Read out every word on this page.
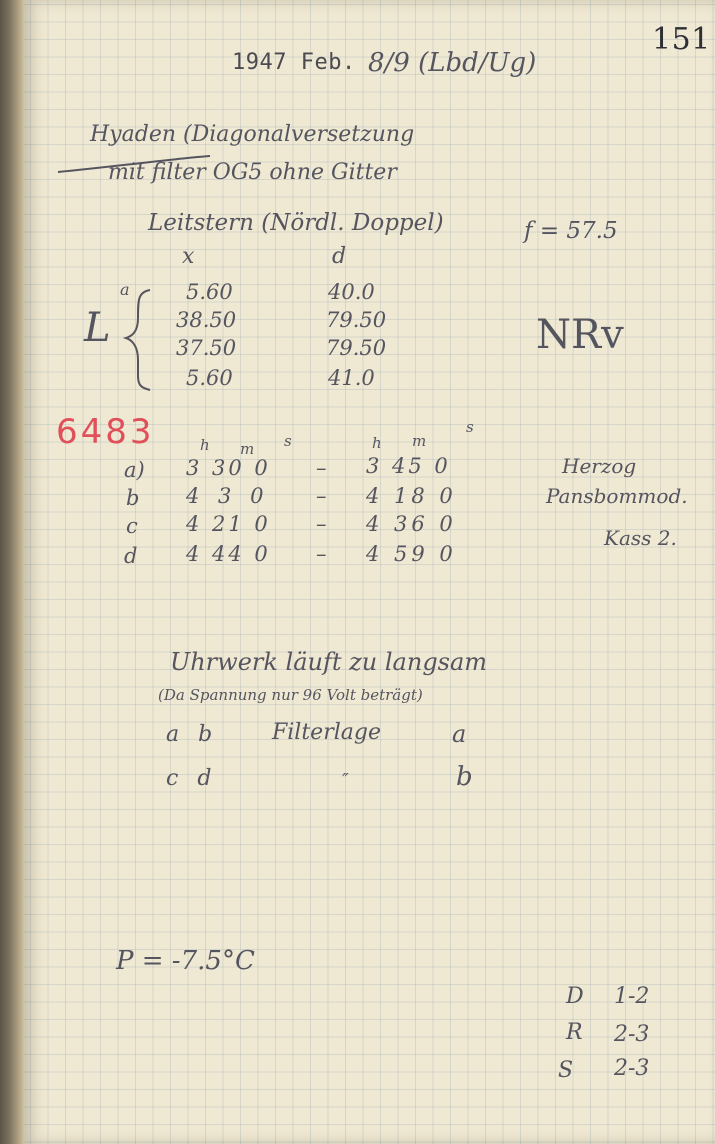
151
1947 Feb. 8/9 (Lbd/Ug)
Hyaden (Diagonalversetzung
mit filter OG5 ohne Gitter
Leitstern (Nördl. Doppel)	f = 57.5
x	d
a
L
5.60	40.0
38.50	79.50
37.50	79.50
5.60	41.0
NRv
6483	h m s	h m
s
a) 3 30 0 – 3 45 0
b 4 3 0 – 4 18 0
c 4 21 0 – 4 36 0
d 4 44 0 – 4 59 0
Herzog
Pansbommod.
Kass 2.
Uhrwerk läuft zu langsam
(Da Spannung nur 96 Volt beträgt)
a b Filterlage	a
c d	″	b
P = -7.5°C
D 1-2
R 2-3
S 2-3
